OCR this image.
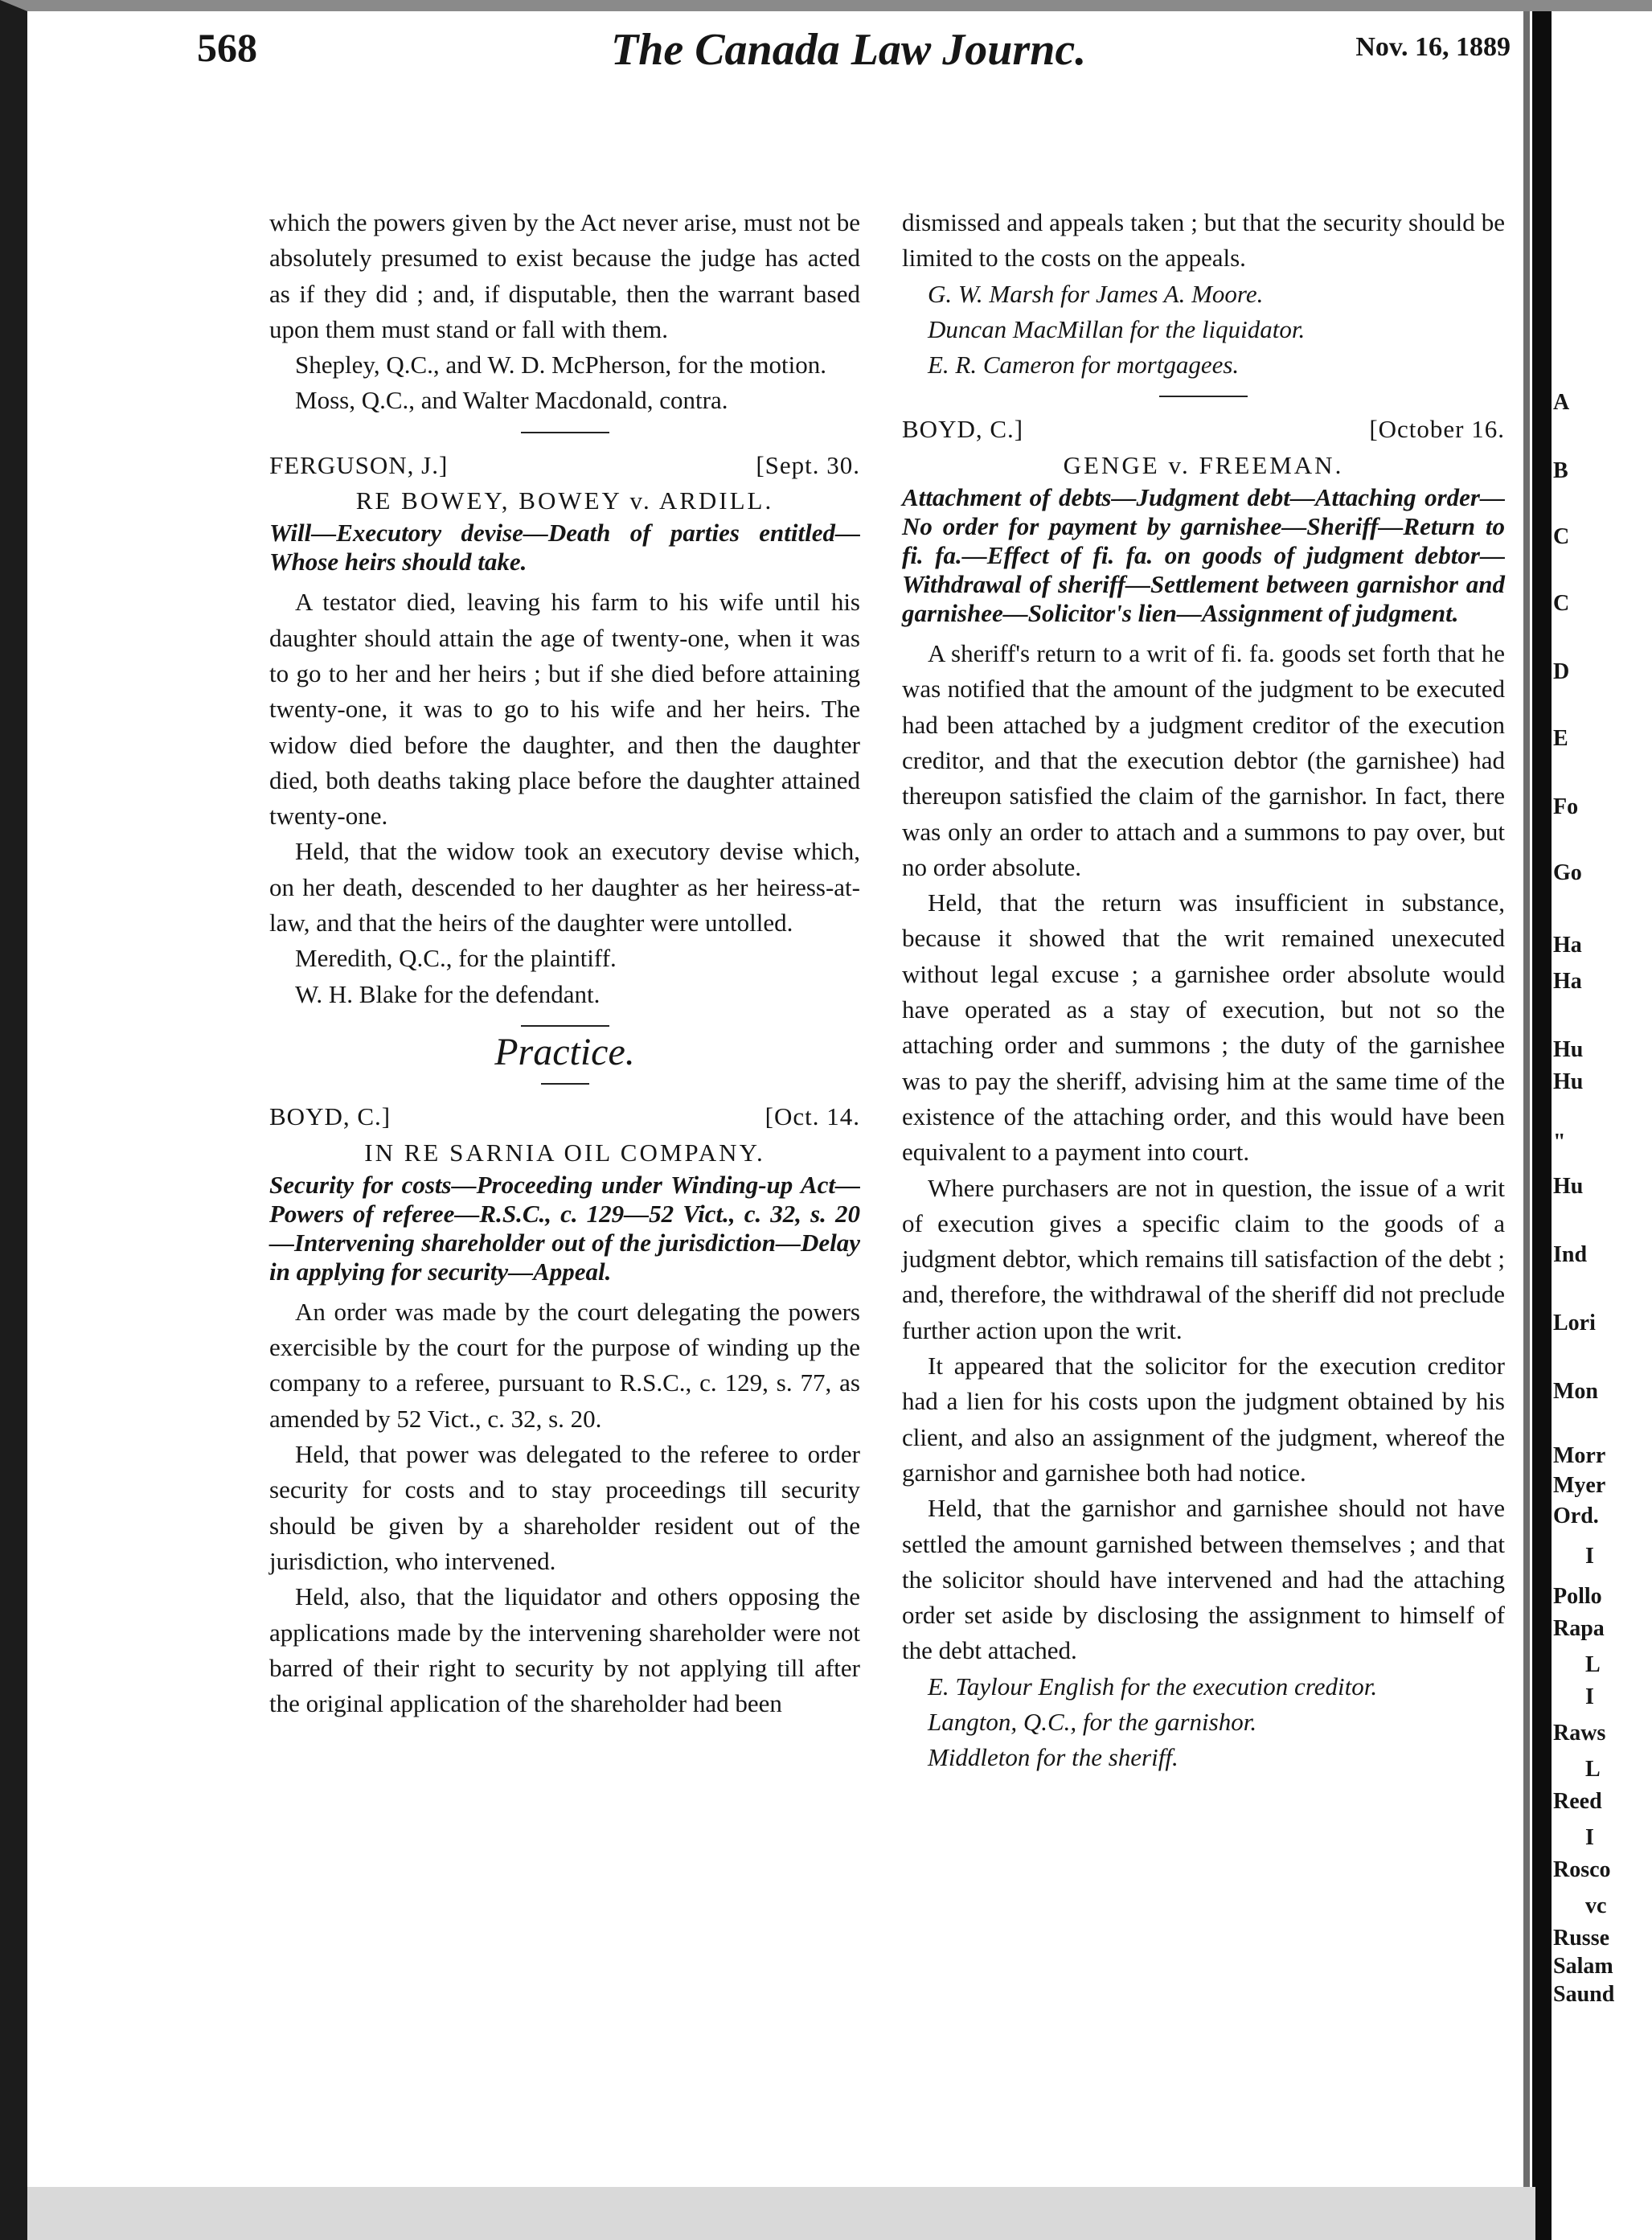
568	The Canada Law Journc.	Nov. 16, 1889

which the powers given by the Act never arise, must not be absolutely presumed to exist because the judge has acted as if they did ; and, if disputable, then the warrant based upon them must stand or fall with them.

Shepley, Q.C., and W. D. McPherson, for the motion.

Moss, Q.C., and Walter Macdonald, contra.

FERGUSON, J.]	[Sept. 30.

RE BOWEY, BOWEY v. ARDILL.

Will—Executory devise—Death of parties entitled—Whose heirs should take.

A testator died, leaving his farm to his wife until his daughter should attain the age of twenty-one, when it was to go to her and her heirs ; but if she died before attaining twenty-one, it was to go to his wife and her heirs. The widow died before the daughter, and then the daughter died, both deaths taking place before the daughter attained twenty-one.

Held, that the widow took an executory devise which, on her death, descended to her daughter as her heiress-at-law, and that the heirs of the daughter were untolled.

Meredith, Q.C., for the plaintiff.

W. H. Blake for the defendant.

Practice.

BOYD, C.]	[Oct. 14.

IN RE SARNIA OIL COMPANY.

Security for costs—Proceeding under Winding-up Act—Powers of referee—R.S.C., c. 129—52 Vict., c. 32, s. 20—Intervening shareholder out of the jurisdiction—Delay in applying for security—Appeal.

An order was made by the court delegating the powers exercisible by the court for the purpose of winding up the company to a referee, pursuant to R.S.C., c. 129, s. 77, as amended by 52 Vict., c. 32, s. 20.

Held, that power was delegated to the referee to order security for costs and to stay proceedings till security should be given by a shareholder resident out of the jurisdiction, who intervened.

Held, also, that the liquidator and others opposing the applications made by the intervening shareholder were not barred of their right to security by not applying till after the original application of the shareholder had been

dismissed and appeals taken ; but that the security should be limited to the costs on the appeals.

G. W. Marsh for James A. Moore.

Duncan MacMillan for the liquidator.

E. R. Cameron for mortgagees.

BOYD, C.]	[October 16.

GENGE v. FREEMAN.

Attachment of debts—Judgment debt—Attaching order—No order for payment by garnishee—Sheriff—Return to fi. fa.—Effect of fi. fa. on goods of judgment debtor—Withdrawal of sheriff—Settlement between garnishor and garnishee—Solicitor's lien—Assignment of judgment.

A sheriff's return to a writ of fi. fa. goods set forth that he was notified that the amount of the judgment to be executed had been attached by a judgment creditor of the execution creditor, and that the execution debtor (the garnishee) had thereupon satisfied the claim of the garnishor. In fact, there was only an order to attach and a summons to pay over, but no order absolute.

Held, that the return was insufficient in substance, because it showed that the writ remained unexecuted without legal excuse ; a garnishee order absolute would have operated as a stay of execution, but not so the attaching order and summons ; the duty of the garnishee was to pay the sheriff, advising him at the same time of the existence of the attaching order, and this would have been equivalent to a payment into court.

Where purchasers are not in question, the issue of a writ of execution gives a specific claim to the goods of a judgment debtor, which remains till satisfaction of the debt ; and, therefore, the withdrawal of the sheriff did not preclude further action upon the writ.

It appeared that the solicitor for the execution creditor had a lien for his costs upon the judgment obtained by his client, and also an assignment of the judgment, whereof the garnishor and garnishee both had notice.

Held, that the garnishor and garnishee should not have settled the amount garnished between themselves ; and that the solicitor should have intervened and had the attaching order set aside by disclosing the assignment to himself of the debt attached.

E. Taylour English for the execution creditor.

Langton, Q.C., for the garnishor.

Middleton for the sheriff.

A
B
C
C
D
E
Fo
Go
Ha
Ha
Hu
Hu
"
Hu
Ind
Lori
Mon
Morr
Myer
Ord.
I
Pollo
Rapa
L
I
Raws
L
Reed
I
Rosco
vc
Russe
Salam
Saund
